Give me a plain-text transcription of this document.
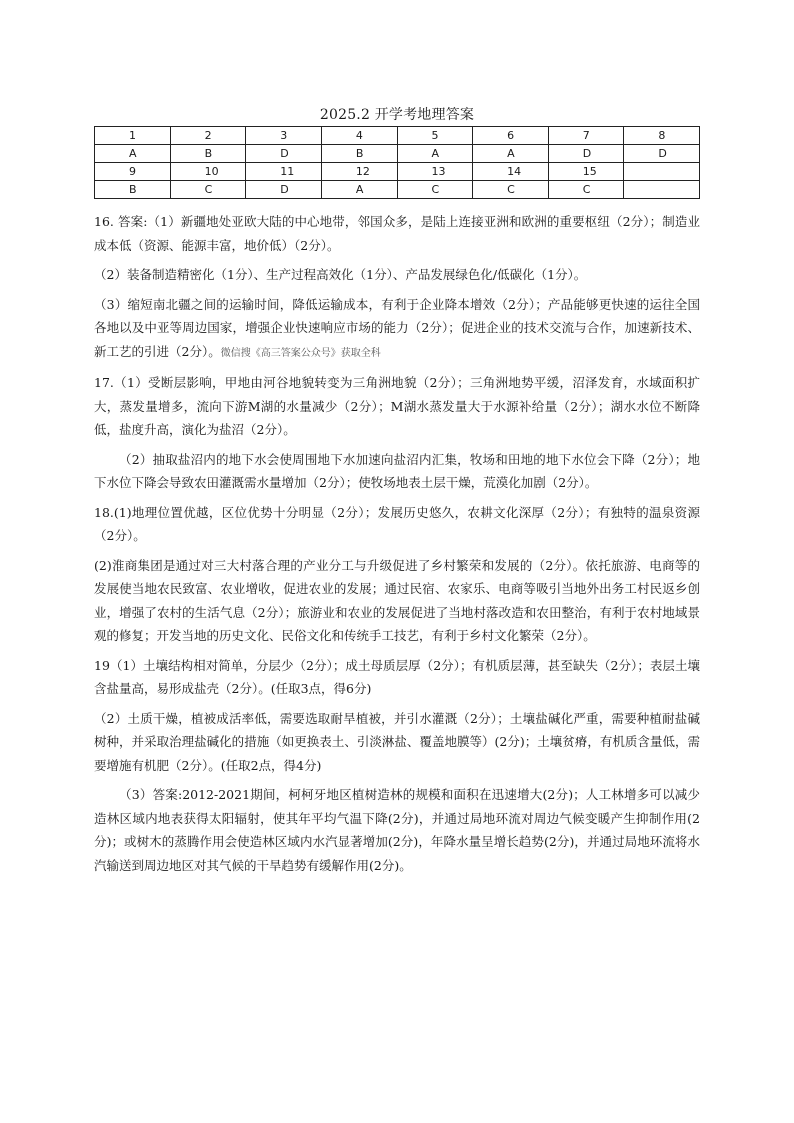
2025.2 开学考地理答案
1	2	3	4	5	6	7	8
A	B	D	B	A	A	D	D
9	10	11	12	13	14	15	
B	C	D	A	C	C	C	

16. 答案:（1）新疆地处亚欧大陆的中心地带，邻国众多，是陆上连接亚洲和欧洲的重要枢纽（2分）；制造业成本低（资源、能源丰富，地价低）（2分）。

（2）装备制造精密化（1分）、生产过程高效化（1分）、产品发展绿色化/低碳化（1分）。

（3）缩短南北疆之间的运输时间，降低运输成本，有利于企业降本增效（2分）；产品能够更快速的运往全国各地以及中亚等周边国家，增强企业快速响应市场的能力（2分）；促进企业的技术交流与合作，加速新技术、新工艺的引进（2分）。微信搜《高三答案公众号》获取全科

17.（1）受断层影响，甲地由河谷地貌转变为三角洲地貌（2分）；三角洲地势平缓，沼泽发育，水域面积扩大，蒸发量增多，流向下游M湖的水量减少（2分）；M湖水蒸发量大于水源补给量（2分）；湖水水位不断降低，盐度升高，演化为盐沼（2分）。

（2）抽取盐沼内的地下水会使周围地下水加速向盐沼内汇集，牧场和田地的地下水位会下降（2分）；地下水位下降会导致农田灌溉需水量增加（2分）；使牧场地表土层干燥，荒漠化加剧（2分）。

18.(1)地理位置优越，区位优势十分明显（2分）；发展历史悠久，农耕文化深厚（2分）；有独特的温泉资源（2分）。

(2)淮商集团是通过对三大村落合理的产业分工与升级促进了乡村繁荣和发展的（2分）。依托旅游、电商等的发展使当地农民致富、农业增收，促进农业的发展；通过民宿、农家乐、电商等吸引当地外出务工村民返乡创业，增强了农村的生活气息（2分）；旅游业和农业的发展促进了当地村落改造和农田整治，有利于农村地域景观的修复；开发当地的历史文化、民俗文化和传统手工技艺，有利于乡村文化繁荣（2分）。

19（1）土壤结构相对简单，分层少（2分）；成土母质层厚（2分）；有机质层薄，甚至缺失（2分）；表层土壤含盐量高，易形成盐壳（2分）。(任取3点，得6分)

（2）土质干燥，植被成活率低，需要选取耐旱植被，并引水灌溉（2分）；土壤盐碱化严重，需要种植耐盐碱树种，并采取治理盐碱化的措施（如更换表土、引淡淋盐、覆盖地膜等）(2分)；土壤贫瘠，有机质含量低，需要增施有机肥（2分）。(任取2点，得4分)

（3）答案:2012-2021期间，柯柯牙地区植树造林的规模和面积在迅速增大(2分)；人工林增多可以减少造林区域内地表获得太阳辐射，使其年平均气温下降(2分)，并通过局地环流对周边气候变暖产生抑制作用(2分)；或树木的蒸腾作用会使造林区域内水汽显著增加(2分)，年降水量呈增长趋势(2分)，并通过局地环流将水汽输送到周边地区对其气候的干旱趋势有缓解作用(2分)。
